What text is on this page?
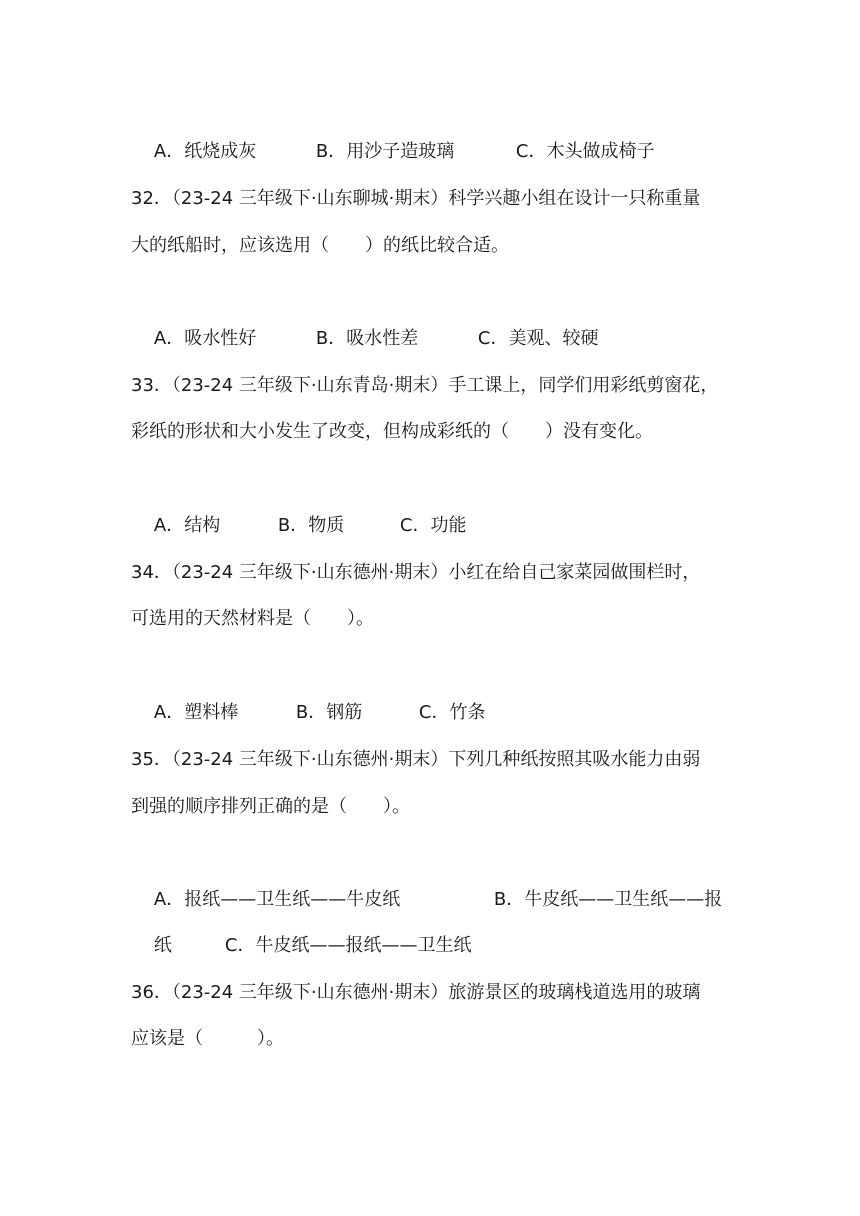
A．纸烧成灰	B．用沙子造玻璃	C．木头做成椅子

32．（23-24 三年级下·山东聊城·期末）科学兴趣小组在设计一只称重量
大的纸船时，应该选用（　　）的纸比较合适。

A．吸水性好	B．吸水性差	C．美观、较硬

33．（23-24 三年级下·山东青岛·期末）手工课上，同学们用彩纸剪窗花，
彩纸的形状和大小发生了改变，但构成彩纸的（　　）没有变化。

A．结构	B．物质	C．功能

34．（23-24 三年级下·山东德州·期末）小红在给自己家菜园做围栏时，
可选用的天然材料是（　　）。

A．塑料棒	B．钢筋	C．竹条

35．（23-24 三年级下·山东德州·期末）下列几种纸按照其吸水能力由弱
到强的顺序排列正确的是（　　）。

A．报纸——卫生纸——牛皮纸	B．牛皮纸——卫生纸——报

纸	C．牛皮纸——报纸——卫生纸

36．（23-24 三年级下·山东德州·期末）旅游景区的玻璃栈道选用的玻璃
应该是（　　　）。
